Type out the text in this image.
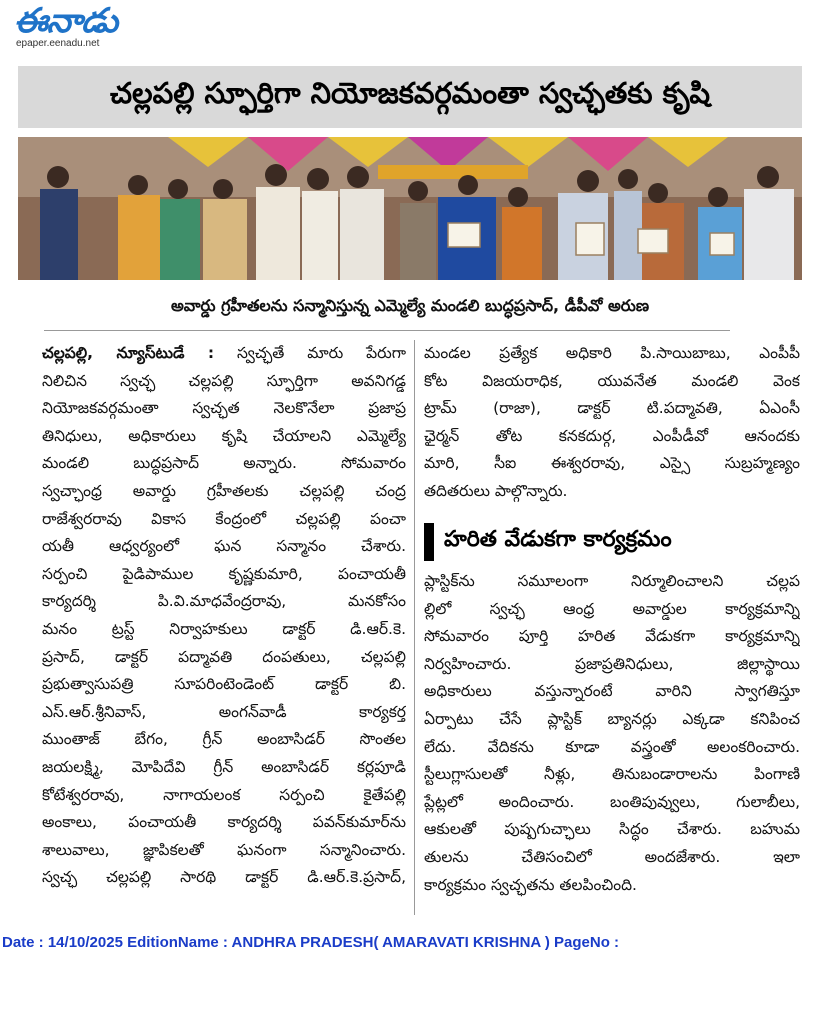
ఈనాడు
epaper.eenadu.net
చల్లపల్లి స్ఫూర్తిగా నియోజకవర్గమంతా స్వచ్ఛతకు కృషి
అవార్డు గ్రహీతలను సన్మానిస్తున్న ఎమ్మెల్యే మండలి బుద్ధప్రసాద్, డీపీవో అరుణ
చల్లపల్లి, న్యూస్‌టుడే : స్వచ్ఛతే మారు పేరుగా
నిలిచిన స్వచ్ఛ చల్లపల్లి స్ఫూర్తిగా అవనిగడ్డ
నియోజకవర్గమంతా స్వచ్ఛత నెలకొనేలా ప్రజాప్ర
తినిధులు, అధికారులు కృషి చేయాలని ఎమ్మెల్యే
మండలి బుద్ధప్రసాద్ అన్నారు. సోమవారం
స్వచ్ఛాంధ్ర అవార్డు గ్రహీతలకు చల్లపల్లి చంద్ర
రాజేశ్వరరావు వికాస కేంద్రంలో చల్లపల్లి పంచా
యతీ ఆధ్వర్యంలో ఘన సన్మానం చేశారు.
సర్పంచి పైడిపాముల కృష్ణకుమారి, పంచాయతీ
కార్యదర్శి పి.వి.మాధవేంద్రరావు, మనకోసం
మనం ట్రస్ట్ నిర్వాహకులు డాక్టర్ డి.ఆర్.కె.
ప్రసాద్, డాక్టర్ పద్మావతి దంపతులు, చల్లపల్లి
ప్రభుత్వాసుపత్రి సూపరింటెండెంట్ డాక్టర్ బి.
ఎస్.ఆర్.శ్రీనివాస్, అంగన్‌వాడీ కార్యకర్త
ముంతాజ్ బేగం, గ్రీన్ అంబాసిడర్ సొంతల
జయలక్ష్మి, మోపిదేవి గ్రీన్ అంబాసిడర్ కర్లపూడి
కోటేశ్వరరావు, నాగాయలంక సర్పంచి కైతేపల్లి
అంకాలు, పంచాయతీ కార్యదర్శి పవన్‌కుమార్‌ను
శాలువాలు, జ్ఞాపికలతో ఘనంగా సన్మానించారు.
స్వచ్ఛ చల్లపల్లి సారథి డాక్టర్ డి.ఆర్.కె.ప్రసాద్,
మండల ప్రత్యేక అధికారి పి.సాయిబాబు, ఎంపీపీ
కోట విజయరాధిక, యువనేత మండలి వెంక
ట్రామ్ (రాజా), డాక్టర్ టి.పద్మావతి, ఏఎంసీ
ఛైర్మన్ తోట కనకదుర్గ, ఎంపీడీవో ఆనందకు
మారి, సీఐ ఈశ్వరరావు, ఎస్సై సుబ్రహ్మణ్యం
తదితరులు పాల్గొన్నారు.
హరిత వేడుకగా కార్యక్రమం
ప్లాస్టిక్‌ను సమూలంగా నిర్మూలించాలని చల్లప
ల్లిలో స్వచ్ఛ ఆంధ్ర అవార్డుల కార్యక్రమాన్ని
సోమవారం పూర్తి హరిత వేడుకగా కార్యక్రమాన్ని
నిర్వహించారు. ప్రజాప్రతినిధులు, జిల్లాస్థాయి
అధికారులు వస్తున్నారంటే వారిని స్వాగతిస్తూ
ఏర్పాటు చేసే ప్లాస్టిక్ బ్యానర్లు ఎక్కడా కనిపించ
లేదు. వేదికను కూడా వస్త్రంతో అలంకరించారు.
స్టీలుగ్లాసులతో నీళ్లు, తినుబండారాలను పింగాణి
ప్లేట్లలో అందించారు. బంతిపువ్వులు, గులాబీలు,
ఆకులతో పుష్పగుచ్ఛాలు సిద్ధం చేశారు. బహుమ
తులను చేతిసంచిలో అందజేశారు. ఇలా
కార్యక్రమం స్వచ్ఛతను తలపించింది.
Date : 14/10/2025 EditionName : ANDHRA PRADESH( AMARAVATI KRISHNA ) PageNo :
